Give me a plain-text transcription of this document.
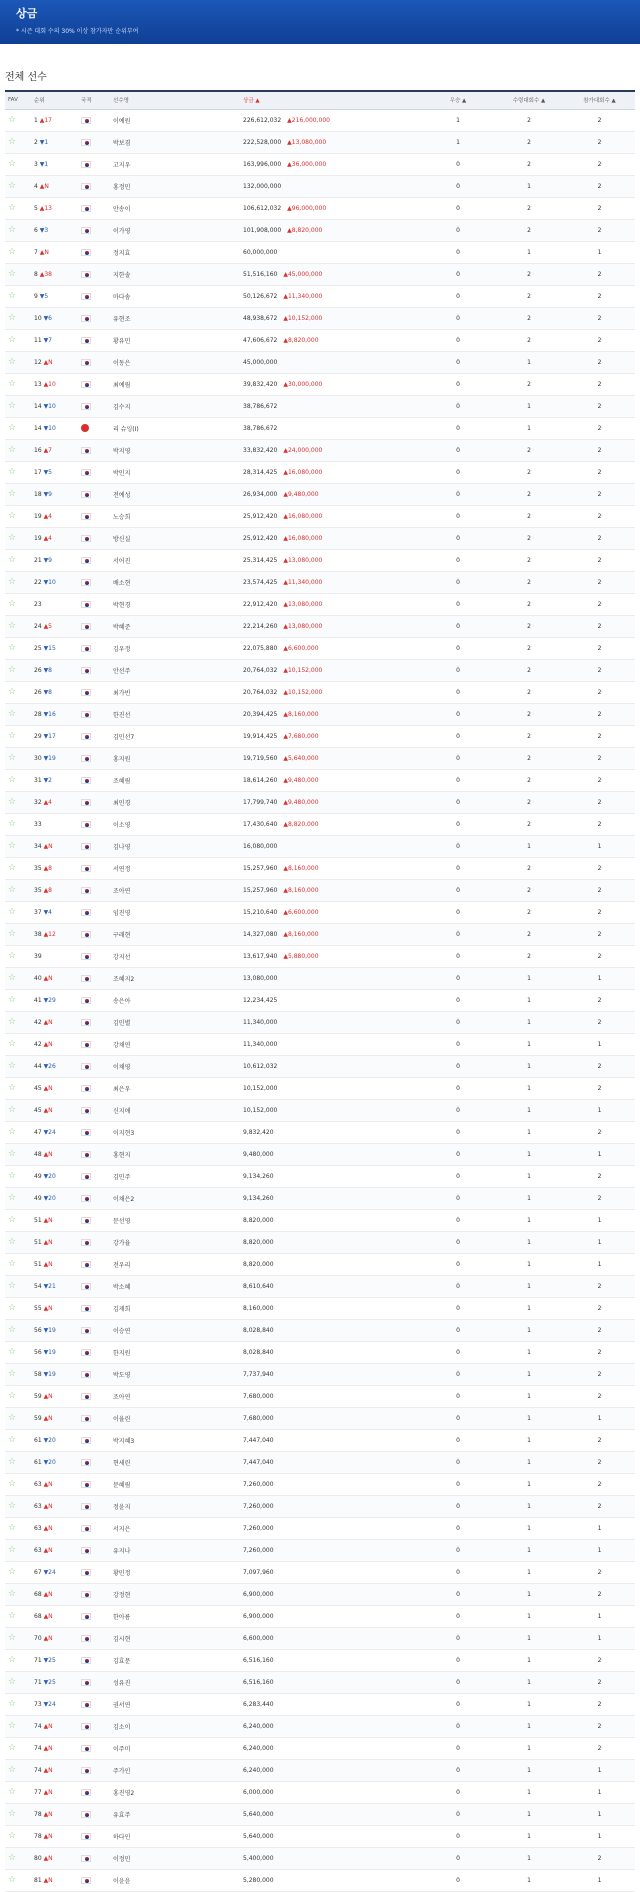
상금
* 시즌 대회 수의 30% 이상 참가자만 순위부여
전체 선수
FAV	순위	국적	선수명	상금 ▲	우승 ▲	수령대회수 ▲	참가대회수 ▲
☆	1 ▲17		이예원	226,612,032 ▲216,000,000	1	2	2
☆	2 ▼1		박보겸	222,528,000 ▲13,080,000	1	2	2
☆	3 ▼1		고지우	163,996,000 ▲36,000,000	0	2	2
☆	4 ▲N		홍정민	132,000,000	0	1	2
☆	5 ▲13		안송이	106,612,032 ▲96,000,000	0	2	2
☆	6 ▼3		이가영	101,908,000 ▲8,820,000	0	2	2
☆	7 ▲N		정지효	60,000,000	0	1	1
☆	8 ▲38		지한솔	51,516,160 ▲45,000,000	0	2	2
☆	9 ▼5		마다솜	50,126,672 ▲11,340,000	0	2	2
☆	10 ▼6		유현조	48,938,672 ▲10,152,000	0	2	2
☆	11 ▼7		황유민	47,606,672 ▲8,820,000	0	2	2
☆	12 ▲N		이동은	45,000,000	0	1	2
☆	13 ▲10		최예림	39,832,420 ▲30,000,000	0	2	2
☆	14 ▼10		김수지	38,786,672	0	1	2
☆	14 ▼10		리 슈잉(I)	38,786,672	0	1	2
☆	16 ▲7		박지영	33,832,420 ▲24,000,000	0	2	2
☆	17 ▼5		박민지	28,314,425 ▲16,080,000	0	2	2
☆	18 ▼9		전예성	26,934,000 ▲9,480,000	0	2	2
☆	19 ▲4		노승희	25,912,420 ▲16,080,000	0	2	2
☆	19 ▲4		방신실	25,912,420 ▲16,080,000	0	2	2
☆	21 ▼9		서어진	25,314,425 ▲13,080,000	0	2	2
☆	22 ▼10		배소현	23,574,425 ▲11,340,000	0	2	2
☆	23		박현경	22,912,420 ▲13,080,000	0	2	2
☆	24 ▲5		박혜준	22,214,260 ▲13,080,000	0	2	2
☆	25 ▼15		김우정	22,075,880 ▲6,600,000	0	2	2
☆	26 ▼8		안선주	20,764,032 ▲10,152,000	0	2	2
☆	26 ▼8		최가빈	20,764,032 ▲10,152,000	0	2	2
☆	28 ▼16		한진선	20,394,425 ▲8,160,000	0	2	2
☆	29 ▼17		김민선7	19,914,425 ▲7,680,000	0	2	2
☆	30 ▼19		홍지원	19,719,560 ▲5,640,000	0	2	2
☆	31 ▼2		조혜림	18,614,260 ▲9,480,000	0	2	2
☆	32 ▲4		최민경	17,799,740 ▲9,480,000	0	2	2
☆	33		이소영	17,430,640 ▲8,820,000	0	2	2
☆	34 ▲N		김나영	16,080,000	0	1	1
☆	35 ▲8		서연정	15,257,960 ▲8,160,000	0	2	2
☆	35 ▲8		조아연	15,257,960 ▲8,160,000	0	2	2
☆	37 ▼4		임진영	15,210,640 ▲6,600,000	0	2	2
☆	38 ▲12		구래현	14,327,080 ▲8,160,000	0	2	2
☆	39		강지선	13,617,940 ▲5,880,000	0	2	2
☆	40 ▲N		조혜지2	13,080,000	0	1	1
☆	41 ▼29		송은아	12,234,425	0	1	2
☆	42 ▲N		김민별	11,340,000	0	1	2
☆	42 ▲N		강채연	11,340,000	0	1	1
☆	44 ▼26		이채영	10,612,032	0	1	2
☆	45 ▲N		최은우	10,152,000	0	1	2
☆	45 ▲N		신지애	10,152,000	0	1	1
☆	47 ▼24		이지현3	9,832,420	0	1	2
☆	48 ▲N		홍현지	9,480,000	0	1	1
☆	49 ▼20		김민주	9,134,260	0	1	2
☆	49 ▼20		이채은2	9,134,260	0	1	2
☆	51 ▲N		문선영	8,820,000	0	1	1
☆	51 ▲N		강가율	8,820,000	0	1	1
☆	51 ▲N		전우리	8,820,000	0	1	1
☆	54 ▼21		박소혜	8,610,640	0	1	2
☆	55 ▲N		김재희	8,160,000	0	1	2
☆	56 ▼19		이승연	8,028,840	0	1	2
☆	56 ▼19		한지원	8,028,840	0	1	2
☆	58 ▼19		박도영	7,737,940	0	1	2
☆	59 ▲N		조아연	7,680,000	0	1	2
☆	59 ▲N		이율린	7,680,000	0	1	1
☆	61 ▼20		박지혜3	7,447,040	0	1	2
☆	61 ▼20		현세린	7,447,040	0	1	2
☆	63 ▲N		문혜림	7,260,000	0	1	2
☆	63 ▲N		정윤지	7,260,000	0	1	2
☆	63 ▲N		서지은	7,260,000	0	1	1
☆	63 ▲N		유지나	7,260,000	0	1	1
☆	67 ▼24		황민정	7,097,960	0	1	2
☆	68 ▲N		강정현	6,900,000	0	1	2
☆	68 ▲N		한아름	6,900,000	0	1	1
☆	70 ▲N		김시현	6,600,000	0	1	1
☆	71 ▼25		김효문	6,516,160	0	1	2
☆	71 ▼25		성유진	6,516,160	0	1	2
☆	73 ▼24		권서연	6,283,440	0	1	2
☆	74 ▲N		김소이	6,240,000	0	1	2
☆	74 ▲N		이주미	6,240,000	0	1	2
☆	74 ▲N		주가인	6,240,000	0	1	1
☆	77 ▲N		홍진영2	6,000,000	0	1	1
☆	78 ▲N		유효주	5,640,000	0	1	1
☆	78 ▲N		하다인	5,640,000	0	1	1
☆	80 ▲N		이정민	5,400,000	0	1	2
☆	81 ▲N		이윤윤	5,280,000	0	1	1
